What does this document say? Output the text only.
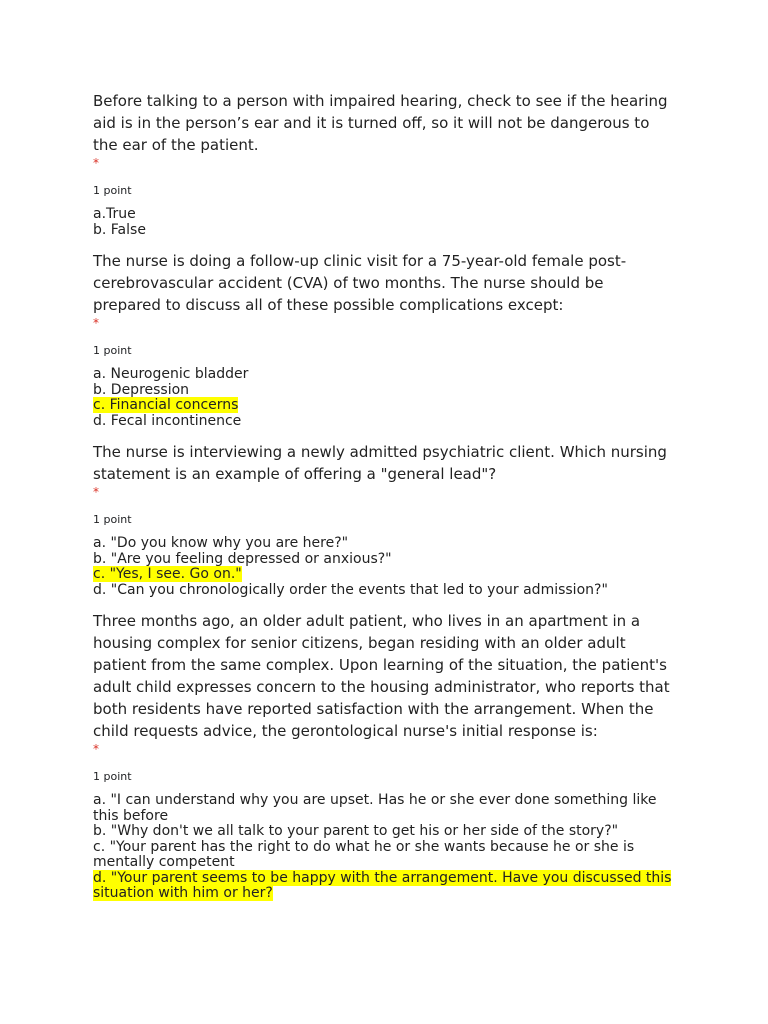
Before talking to a person with impaired hearing, check to see if the hearing aid is in the person’s ear and it is turned off, so it will not be dangerous to the ear of the patient.

*

1 point

a.True
b. False

The nurse is doing a follow-up clinic visit for a 75-year-old female post-cerebrovascular accident (CVA) of two months. The nurse should be prepared to discuss all of these possible complications except:

*

1 point

a. Neurogenic bladder
b. Depression
c. Financial concerns
d. Fecal incontinence

The nurse is interviewing a newly admitted psychiatric client. Which nursing statement is an example of offering a "general lead"?

*

1 point

a. "Do you know why you are here?"
b. "Are you feeling depressed or anxious?"
c. "Yes, I see. Go on."
d. "Can you chronologically order the events that led to your admission?"

Three months ago, an older adult patient, who lives in an apartment in a housing complex for senior citizens, began residing with an older adult patient from the same complex. Upon learning of the situation, the patient's adult child expresses concern to the housing administrator, who reports that both residents have reported satisfaction with the arrangement. When the child requests advice, the gerontological nurse's initial response is:

*

1 point

a. "I can understand why you are upset. Has he or she ever done something like this before
b. "Why don't we all talk to your parent to get his or her side of the story?"
c. "Your parent has the right to do what he or she wants because he or she is mentally competent
d. "Your parent seems to be happy with the arrangement. Have you discussed this situation with him or her?
